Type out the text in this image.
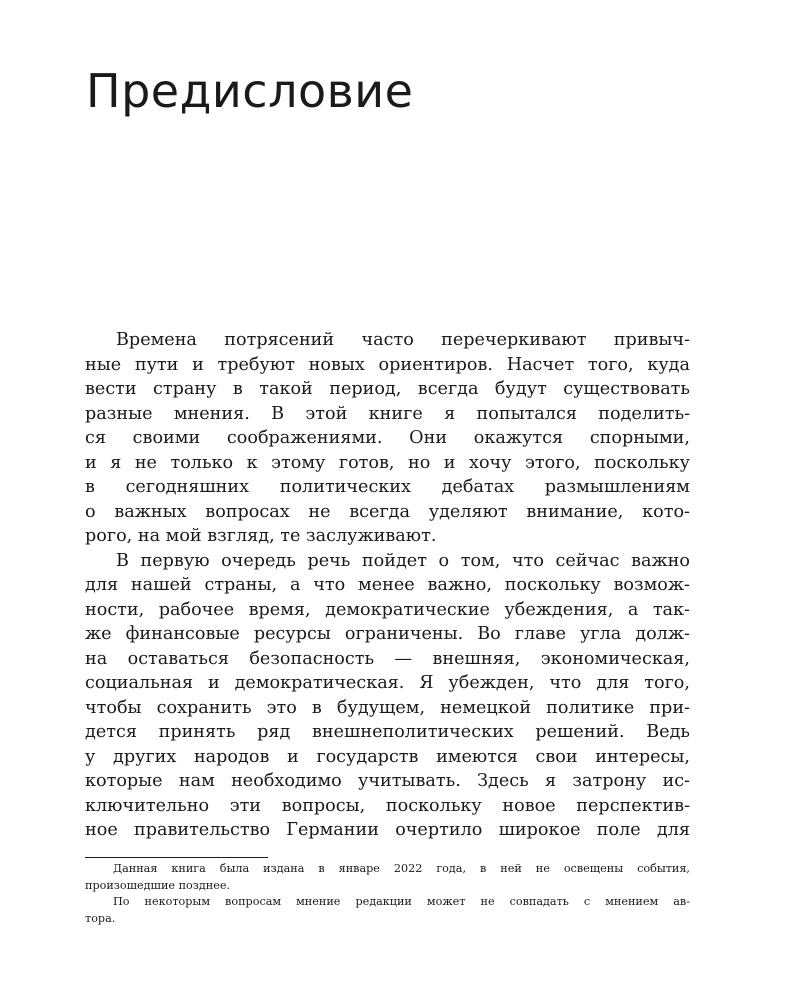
Предисловие
Времена потрясений часто перечеркивают привыч-
ные пути и требуют новых ориентиров. Насчет того, куда
вести страну в такой период, всегда будут существовать
разные мнения. В этой книге я попытался поделить-
ся своими соображениями. Они окажутся спорными,
и я не только к этому готов, но и хочу этого, поскольку
в сегодняшних политических дебатах размышлениям
о важных вопросах не всегда уделяют внимание, кото-
рого, на мой взгляд, те заслуживают.
В первую очередь речь пойдет о том, что сейчас важно
для нашей страны, а что менее важно, поскольку возмож-
ности, рабочее время, демократические убеждения, а так-
же финансовые ресурсы ограничены. Во главе угла долж-
на оставаться безопасность — внешняя, экономическая,
социальная и демократическая. Я убежден, что для того,
чтобы сохранить это в будущем, немецкой политике при-
дется принять ряд внешнеполитических решений. Ведь
у других народов и государств имеются свои интересы,
которые нам необходимо учитывать. Здесь я затрону ис-
ключительно эти вопросы, поскольку новое перспектив-
ное правительство Германии очертило широкое поле для
Данная книга была издана в январе 2022 года, в ней не освещены события,
произошедшие позднее.
По некоторым вопросам мнение редакции может не совпадать с мнением ав-
тора.
